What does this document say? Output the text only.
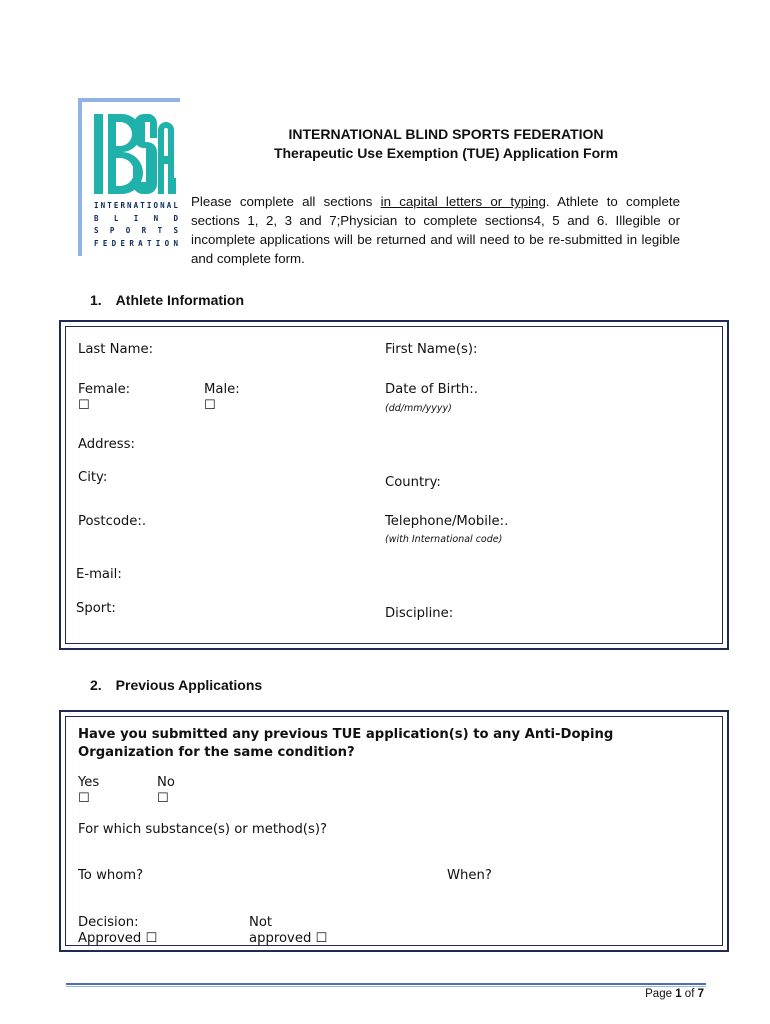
I N T E R N A T I O N A L
B L I N D
S P O R T S
F E D E R A T I O N
INTERNATIONAL BLIND SPORTS FEDERATION
Therapeutic Use Exemption (TUE) Application Form
Please complete all sections in capital letters or typing. Athlete to complete sections 1, 2, 3 and 7;Physician to complete sections4, 5 and 6. Illegible or incomplete applications will be returned and will need to be re-submitted in legible and complete form.
1. Athlete Information
Last Name:	First Name(s):
Female:
☐
Male:
☐
Date of Birth:.
(dd/mm/yyyy)
Address:
City:	Country:
Postcode:.	Telephone/Mobile:.
(with International code)
E-mail:
Sport:	Discipline:
2. Previous Applications
Have you submitted any previous TUE application(s) to any Anti-Doping Organization for the same condition?
Yes
☐
No
☐
For which substance(s) or method(s)?
To whom?	When?
Decision:
Approved ☐
Not
approved ☐
Page 1 of 7
